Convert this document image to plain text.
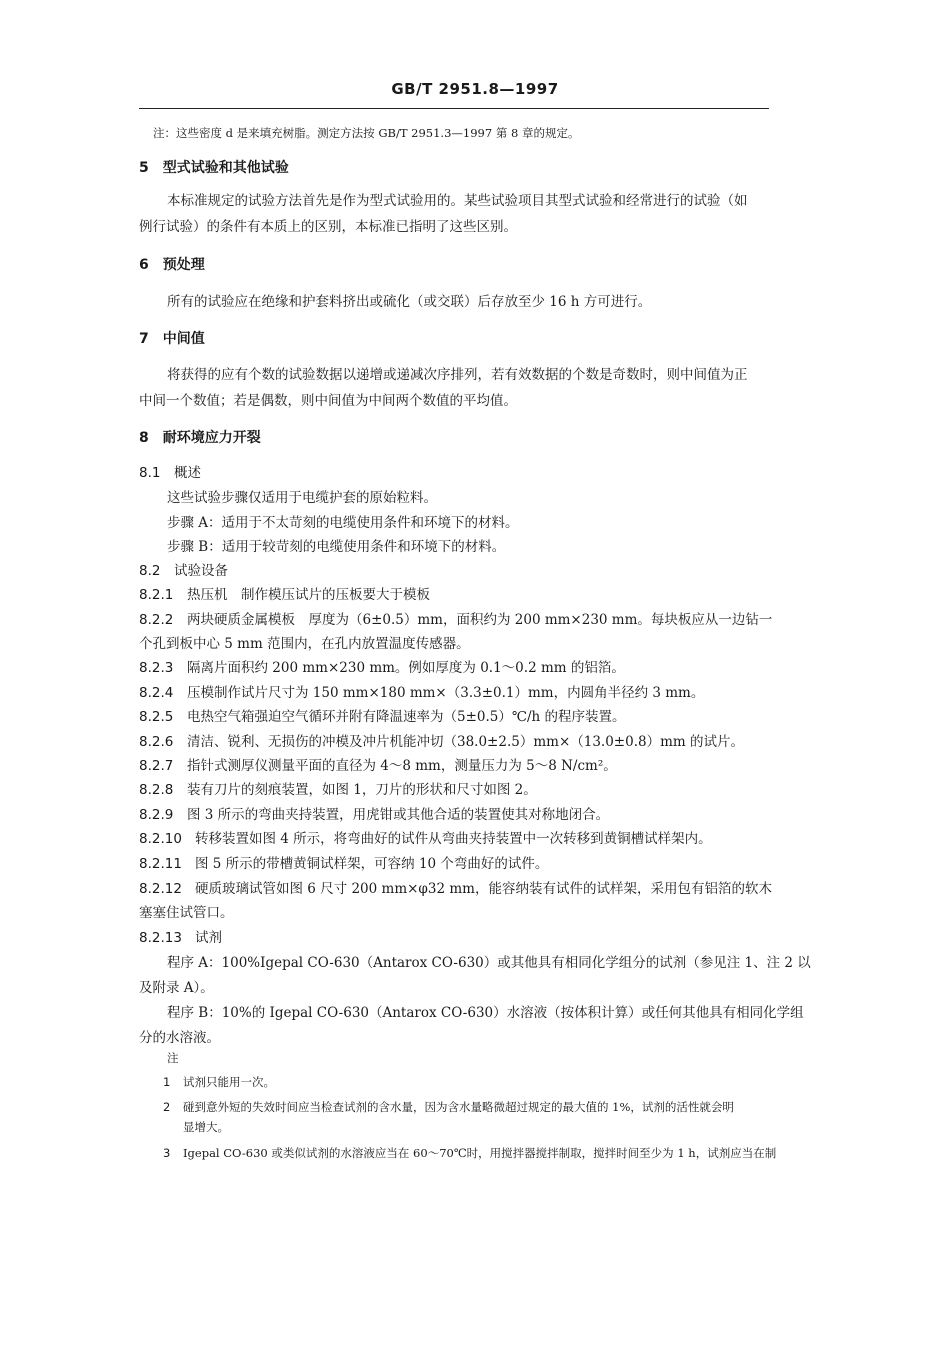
GB/T 2951.8—1997
注：这些密度 d 是来填充树脂。测定方法按 GB/T 2951.3—1997 第 8 章的规定。
5　 型式试验和其他试验
本标准规定的试验方法首先是作为型式试验用的。某些试验项目其型式试验和经常进行的试验（如
例行试验）的条件有本质上的区别，本标准已指明了这些区别。
6　 预处理
所有的试验应在绝缘和护套料挤出或硫化（或交联）后存放至少 16 h 方可进行。
7　 中间值
将获得的应有个数的试验数据以递增或递减次序排列，若有效数据的个数是奇数时，则中间值为正
中间一个数值；若是偶数，则中间值为中间两个数值的平均值。
8　 耐环境应力开裂
8.1　 概述
这些试验步骤仅适用于电缆护套的原始粒料。
步骤 A：适用于不太苛刻的电缆使用条件和环境下的材料。
步骤 B：适用于较苛刻的电缆使用条件和环境下的材料。
8.2　 试验设备
8.2.1 热压机　制作模压试片的压板要大于模板
8.2.2 两块硬质金属模板　厚度为（6±0.5）mm，面积约为 200 mm×230 mm。每块板应从一边钻一
个孔到板中心 5 mm 范围内，在孔内放置温度传感器。
8.2.3 隔离片面积约 200 mm×230 mm。例如厚度为 0.1～0.2 mm 的铝箔。
8.2.4 压模制作试片尺寸为 150 mm×180 mm×（3.3±0.1）mm，内圆角半径约 3 mm。
8.2.5 电热空气箱强迫空气循环并附有降温速率为（5±0.5）℃/h 的程序装置。
8.2.6 清洁、锐利、无损伤的冲模及冲片机能冲切（38.0±2.5）mm×（13.0±0.8）mm 的试片。
8.2.7 指针式测厚仪测量平面的直径为 4～8 mm，测量压力为 5～8 N/cm²。
8.2.8 装有刀片的刻痕装置，如图 1，刀片的形状和尺寸如图 2。
8.2.9 图 3 所示的弯曲夹持装置，用虎钳或其他合适的装置使其对称地闭合。
8.2.10 转移装置如图 4 所示，将弯曲好的试件从弯曲夹持装置中一次转移到黄铜槽试样架内。
8.2.11 图 5 所示的带槽黄铜试样架，可容纳 10 个弯曲好的试件。
8.2.12 硬质玻璃试管如图 6 尺寸 200 mm×φ32 mm，能容纳装有试件的试样架，采用包有铝箔的软木
塞塞住试管口。
8.2.13 试剂
程序 A：100%Igepal CO-630（Antarox CO-630）或其他具有相同化学组分的试剂（参见注 1、注 2 以
及附录 A）。
程序 B：10%的 Igepal CO-630（Antarox CO-630）水溶液（按体积计算）或任何其他具有相同化学组
分的水溶液。
注
1 试剂只能用一次。
2 碰到意外短的失效时间应当检查试剂的含水量，因为含水量略微超过规定的最大值的 1%，试剂的活性就会明
显增大。
3 Igepal CO-630 或类似试剂的水溶液应当在 60～70℃时，用搅拌器搅拌制取，搅拌时间至少为 1 h，试剂应当在制
